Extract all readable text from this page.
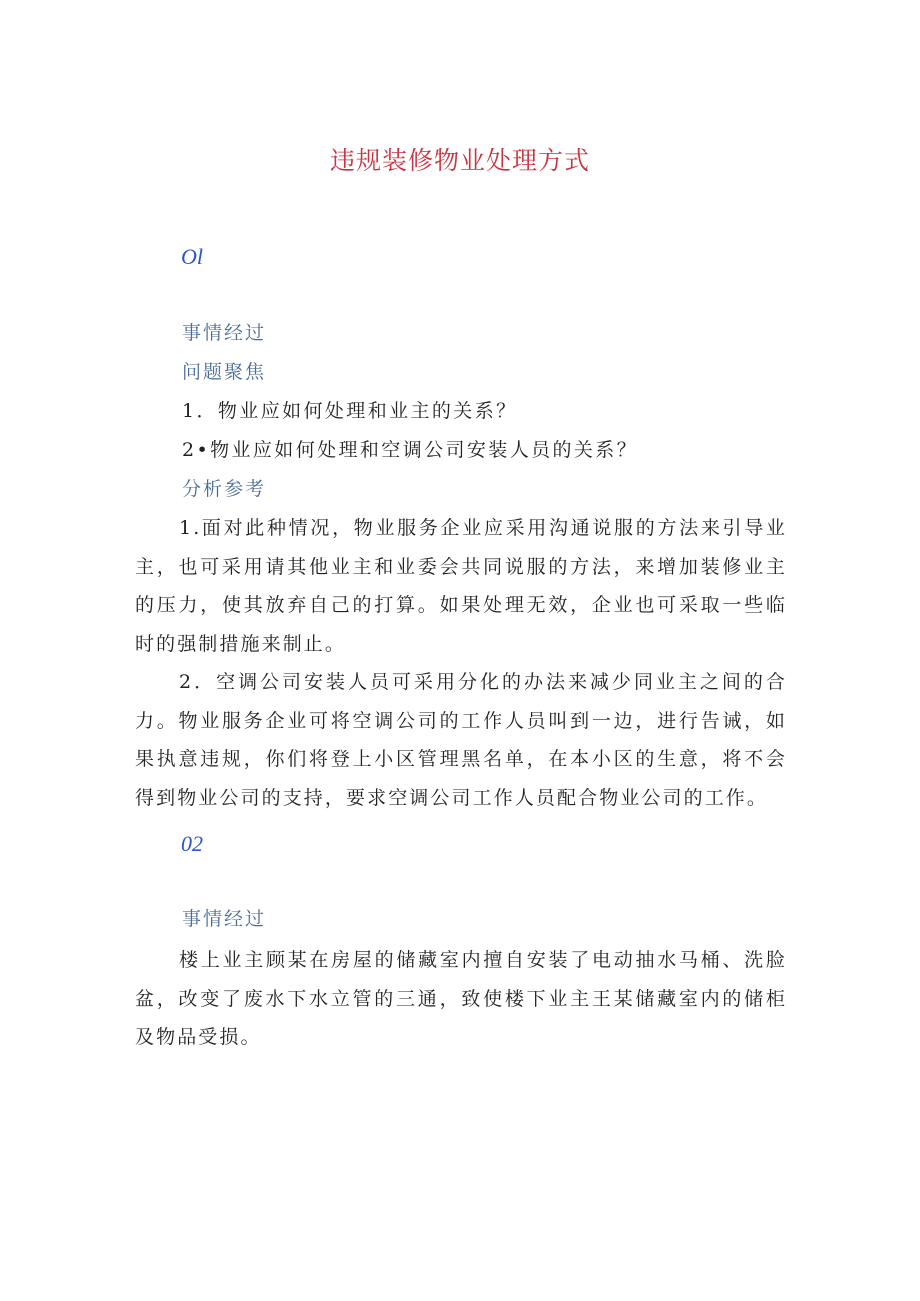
违规装修物业处理方式
Ol
事情经过
问题聚焦
1．物业应如何处理和业主的关系？
2•物业应如何处理和空调公司安装人员的关系？
分析参考
1.面对此种情况，物业服务企业应采用沟通说服的方法来引导业主，也可采用请其他业主和业委会共同说服的方法，来增加装修业主的压力，使其放弃自己的打算。如果处理无效，企业也可采取一些临时的强制措施来制止。
2．空调公司安装人员可采用分化的办法来减少同业主之间的合力。物业服务企业可将空调公司的工作人员叫到一边，进行告诫，如果执意违规，你们将登上小区管理黑名单，在本小区的生意，将不会得到物业公司的支持，要求空调公司工作人员配合物业公司的工作。
02
事情经过
楼上业主顾某在房屋的储藏室内擅自安装了电动抽水马桶、洗脸盆，改变了废水下水立管的三通，致使楼下业主王某储藏室内的储柜及物品受损。
